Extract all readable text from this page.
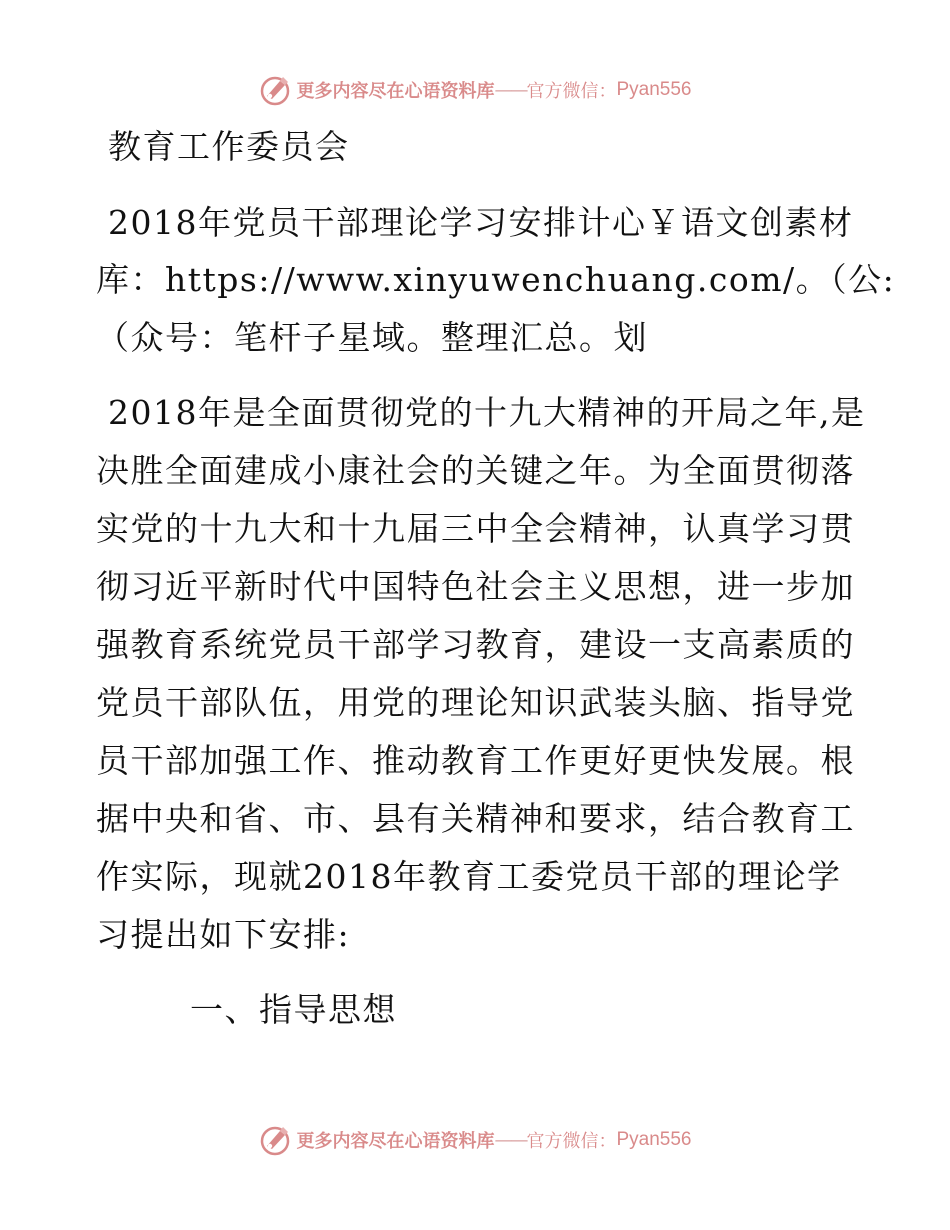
更多内容尽在心语资料库 —— 官方微信： Pyan556
教育工作委员会
2018年党员干部理论学习安排计心￥语文创素材
库：https://www.xinyuwenchuang.com/。（公:
（众号：笔杆子星域。整理汇总。划
2018年是全面贯彻党的十九大精神的开局之年,是
决胜全面建成小康社会的关键之年。为全面贯彻落
实党的十九大和十九届三中全会精神，认真学习贯
彻习近平新时代中国特色社会主义思想，进一步加
强教育系统党员干部学习教育，建设一支高素质的
党员干部队伍，用党的理论知识武装头脑、指导党
员干部加强工作、推动教育工作更好更快发展。根
据中央和省、市、县有关精神和要求，结合教育工
作实际，现就2018年教育工委党员干部的理论学
习提出如下安排:
一、指导思想
更多内容尽在心语资料库 —— 官方微信： Pyan556
